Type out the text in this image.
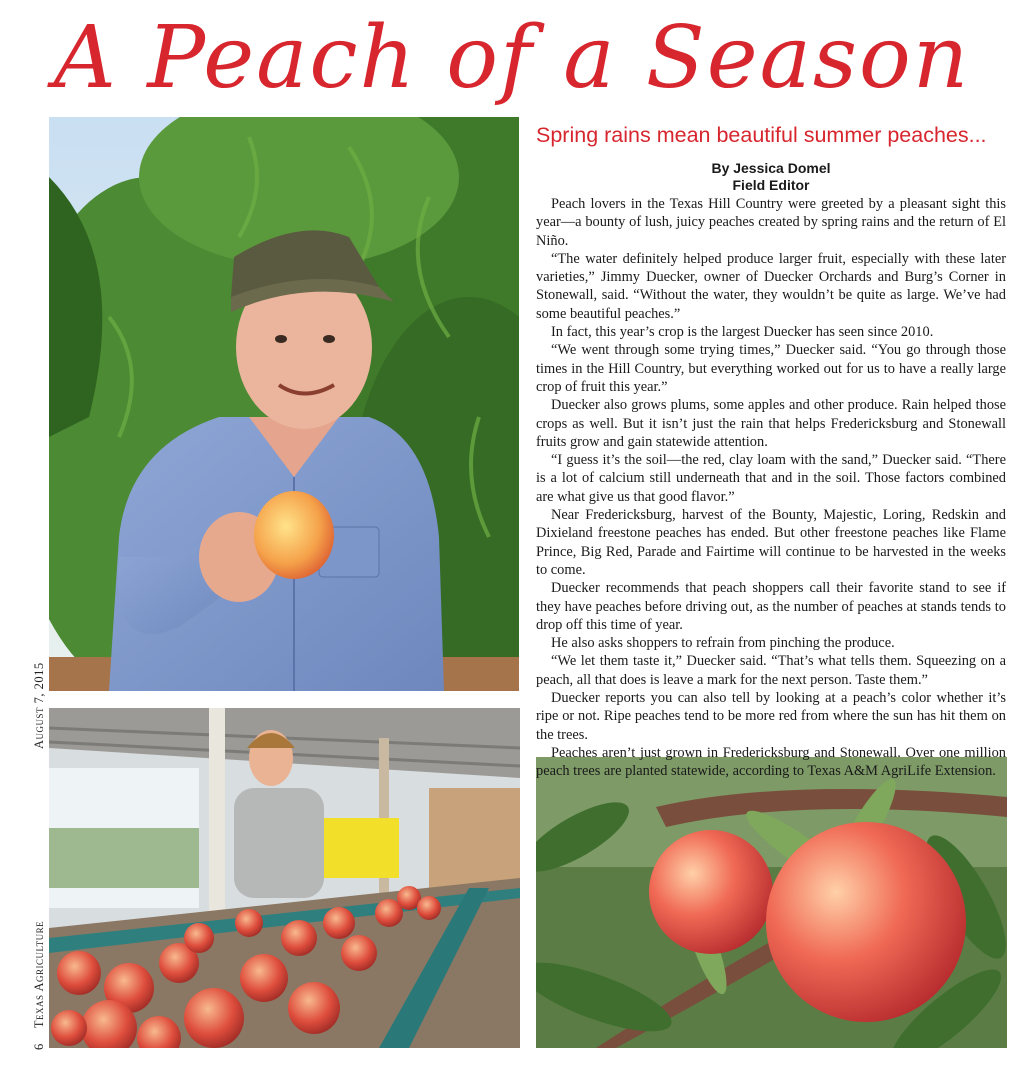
A Peach of a Season
Spring rains mean beautiful summer peaches...
By Jessica Domel
Field Editor

Peach lovers in the Texas Hill Country were greeted by a pleasant sight this year—a bounty of lush, juicy peaches created by spring rains and the return of El Niño.

“The water definitely helped produce larger fruit, especially with these later varieties,” Jimmy Duecker, owner of Duecker Orchards and Burg’s Corner in Stonewall, said. “Without the water, they wouldn’t be quite as large. We’ve had some beautiful peaches.”

In fact, this year’s crop is the largest Duecker has seen since 2010.

“We went through some trying times,” Duecker said. “You go through those times in the Hill Country, but everything worked out for us to have a really large crop of fruit this year.”

Duecker also grows plums, some apples and other produce. Rain helped those crops as well. But it isn’t just the rain that helps Fredericksburg and Stonewall fruits grow and gain statewide attention.

“I guess it’s the soil—the red, clay loam with the sand,” Duecker said. “There is a lot of calcium still underneath that and in the soil. Those factors combined are what give us that good flavor.”

Near Fredericksburg, harvest of the Bounty, Majestic, Loring, Redskin and Dixieland freestone peaches has ended. But other freestone peaches like Flame Prince, Big Red, Parade and Fairtime will continue to be harvested in the weeks to come.

Duecker recommends that peach shoppers call their favorite stand to see if they have peaches before driving out, as the number of peaches at stands tends to drop off this time of year.

He also asks shoppers to refrain from pinching the produce.

“We let them taste it,” Duecker said. “That’s what tells them. Squeezing on a peach, all that does is leave a mark for the next person. Taste them.”

Duecker reports you can also tell by looking at a peach’s color whether it’s ripe or not. Ripe peaches tend to be more red from where the sun has hit them on the trees.

Peaches aren’t just grown in Fredericksburg and Stonewall. Over one million peach trees are planted statewide, according to Texas A&M AgriLife Extension.

6     Texas Agriculture                                                       August 7, 2015
